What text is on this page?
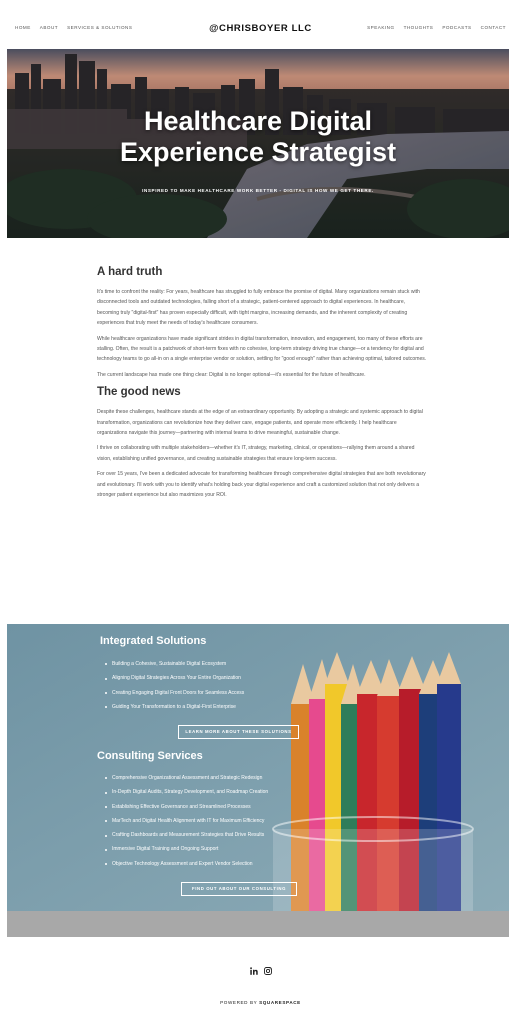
HOME ABOUT SERVICES & SOLUTIONS	@CHRISBOYER LLC	SPEAKING THOUGHTS PODCASTS CONTACT
Healthcare Digital
Experience Strategist
INSPIRED TO MAKE HEALTHCARE WORK BETTER - DIGITAL IS HOW WE GET THERE.
A hard truth

It's time to confront the reality: For years, healthcare has struggled to fully embrace the promise of digital. Many organizations remain stuck with disconnected tools and outdated technologies, falling short of a strategic, patient-centered approach to digital experiences. In healthcare, becoming truly "digital-first" has proven especially difficult, with tight margins, increasing demands, and the inherent complexity of creating experiences that truly meet the needs of today's healthcare consumers.

While healthcare organizations have made significant strides in digital transformation, innovation, and engagement, too many of these efforts are stalling. Often, the result is a patchwork of short-term fixes with no cohesive, long-term strategy driving true change—or a tendency for digital and technology teams to go all-in on a single enterprise vendor or solution, settling for "good enough" rather than achieving optimal, tailored outcomes.

The current landscape has made one thing clear: Digital is no longer optional—it's essential for the future of healthcare.

The good news

Despite these challenges, healthcare stands at the edge of an extraordinary opportunity. By adopting a strategic and systemic approach to digital transformation, organizations can revolutionize how they deliver care, engage patients, and operate more efficiently. I help healthcare organizations navigate this journey—partnering with internal teams to drive meaningful, sustainable change.

I thrive on collaborating with multiple stakeholders—whether it's IT, strategy, marketing, clinical, or operations—rallying them around a shared vision, establishing unified governance, and creating sustainable strategies that ensure long-term success.

For over 15 years, I've been a dedicated advocate for transforming healthcare through comprehensive digital strategies that are both revolutionary and evolutionary. I'll work with you to identify what's holding back your digital experience and craft a customized solution that not only delivers a stronger patient experience but also maximizes your ROI.

Integrated Solutions
Building a Cohesive, Sustainable Digital Ecosystem
Aligning Digital Strategies Across Your Entire Organization
Creating Engaging Digital Front Doors for Seamless Access
Guiding Your Transformation to a Digital-First Enterprise
LEARN MORE ABOUT THESE SOLUTIONS
Consulting Services
Comprehensive Organizational Assessment and Strategic Redesign
In-Depth Digital Audits, Strategy Development, and Roadmap Creation
Establishing Effective Governance and Streamlined Processes
MarTech and Digital Health Alignment with IT for Maximum Efficiency
Crafting Dashboards and Measurement Strategies that Drive Results
Immersive Digital Training and Ongoing Support
Objective Technology Assessment and Expert Vendor Selection
FIND OUT ABOUT OUR CONSULTING
POWERED BY SQUARESPACE
